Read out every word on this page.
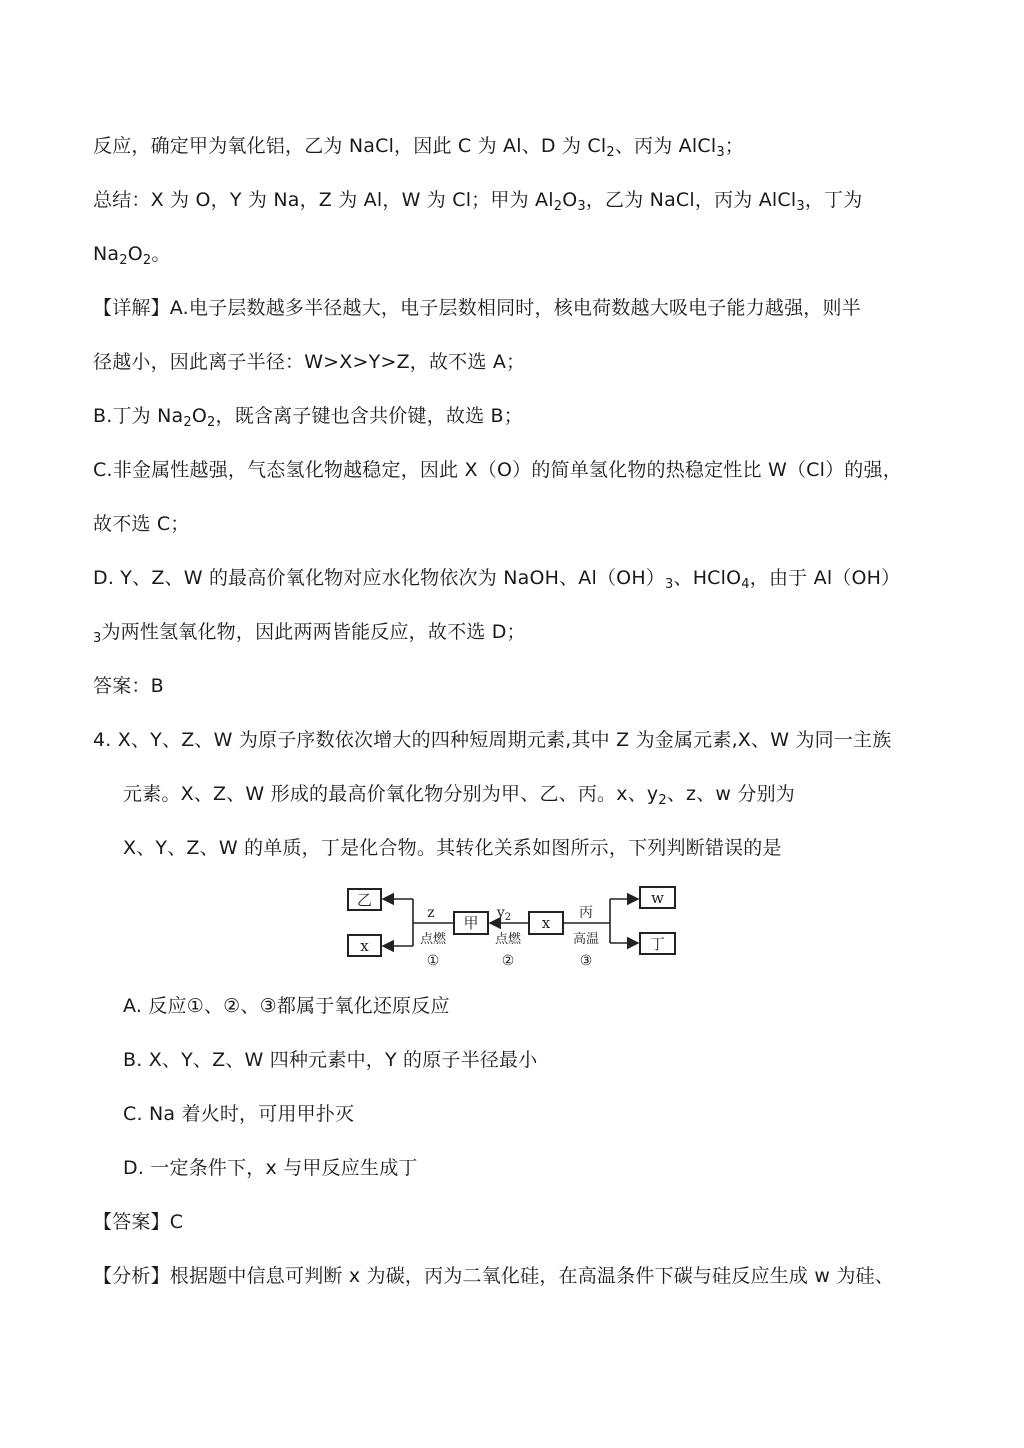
反应，确定甲为氧化铝，乙为 NaCl，因此 C 为 Al、D 为 $Cl_2$、丙为 AlCl$_3$；
总结：X 为 O，Y 为 Na，Z 为 Al，W 为 Cl；甲为 $Al_2O_3$，乙为 NaCl，丙为 AlCl$_3$，丁为
$Na_2O_2$。
【详解】A.电子层数越多半径越大，电子层数相同时，核电荷数越大吸电子能力越强，则半
径越小，因此离子半径：W>X>Y>Z，故不选 A；
B.丁为 $Na_2O_2$，既含离子键也含共价键，故选 B；
C.非金属性越强，气态氢化物越稳定，因此 X（O）的简单氢化物的热稳定性比 W（Cl）的强，
故不选 C；
D. Y、Z、W 的最高价氧化物对应水化物依次为 NaOH、$Al(OH)_3$、HClO$_4$，由于 Al（OH）
$_3$为两性氢氧化物，因此两两皆能反应，故不选 D；
答案：B
4. X、Y、Z、W 为原子序数依次增大的四种短周期元素,其中 Z 为金属元素,X、W 为同一主族
元素。X、Z、W 形成的最高价氧化物分别为甲、乙、丙。x、$y_2$、z、w 分别为
X、Y、Z、W 的单质，丁是化合物。其转化关系如图所示，下列判断错误的是
乙
x
z
点燃
①
甲
$y_2$
点燃
②
x
丙
高温
③
w
丁
A. 反应①、②、③都属于氧化还原反应
B. X、Y、Z、W 四种元素中，Y 的原子半径最小
C. Na 着火时，可用甲扑灭
D. 一定条件下，x 与甲反应生成丁
【答案】C
【分析】根据题中信息可判断 x 为碳，丙为二氧化硅，在高温条件下碳与硅反应生成 w 为硅、
